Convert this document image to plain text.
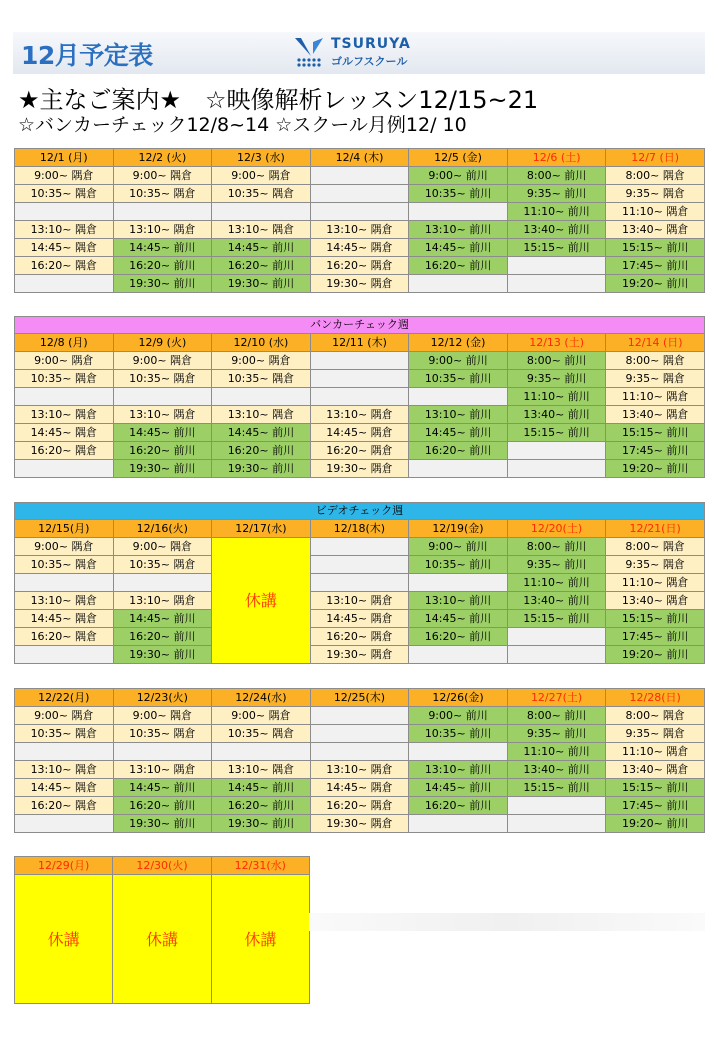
12月予定表	TSURUYA
ゴルフスクール
★主なご案内★　☆映像解析レッスン12/15~21
☆バンカーチェック12/8~14 ☆スクール月例12/ 10
12/1 (月)	12/2 (火)	12/3 (水)	12/4 (木)	12/5 (金)	12/6 (土)	12/7 (日)
9:00~ 隅倉	9:00~ 隅倉	9:00~ 隅倉		9:00~ 前川	8:00~ 前川	8:00~ 隅倉
10:35~ 隅倉	10:35~ 隅倉	10:35~ 隅倉		10:35~ 前川	9:35~ 前川	9:35~ 隅倉
					11:10~ 前川	11:10~ 隅倉
13:10~ 隅倉	13:10~ 隅倉	13:10~ 隅倉	13:10~ 隅倉	13:10~ 前川	13:40~ 前川	13:40~ 隅倉
14:45~ 隅倉	14:45~ 前川	14:45~ 前川	14:45~ 隅倉	14:45~ 前川	15:15~ 前川	15:15~ 前川
16:20~ 隅倉	16:20~ 前川	16:20~ 前川	16:20~ 隅倉	16:20~ 前川		17:45~ 前川
	19:30~ 前川	19:30~ 前川	19:30~ 隅倉			19:20~ 前川
バンカーチェック週						
12/8 (月)	12/9 (火)	12/10 (水)	12/11 (木)	12/12 (金)	12/13 (土)	12/14 (日)
9:00~ 隅倉	9:00~ 隅倉	9:00~ 隅倉		9:00~ 前川	8:00~ 前川	8:00~ 隅倉
10:35~ 隅倉	10:35~ 隅倉	10:35~ 隅倉		10:35~ 前川	9:35~ 前川	9:35~ 隅倉
					11:10~ 前川	11:10~ 隅倉
13:10~ 隅倉	13:10~ 隅倉	13:10~ 隅倉	13:10~ 隅倉	13:10~ 前川	13:40~ 前川	13:40~ 隅倉
14:45~ 隅倉	14:45~ 前川	14:45~ 前川	14:45~ 隅倉	14:45~ 前川	15:15~ 前川	15:15~ 前川
16:20~ 隅倉	16:20~ 前川	16:20~ 前川	16:20~ 隅倉	16:20~ 前川		17:45~ 前川
	19:30~ 前川	19:30~ 前川	19:30~ 隅倉			19:20~ 前川
ビデオチェック週						
12/15(月)	12/16(火)	12/17(水)	12/18(木)	12/19(金)	12/20(土)	12/21(日)
9:00~ 隅倉	9:00~ 隅倉	休講		9:00~ 前川	8:00~ 前川	8:00~ 隅倉
10:35~ 隅倉	10:35~ 隅倉			10:35~ 前川	9:35~ 前川	9:35~ 隅倉
					11:10~ 前川	11:10~ 隅倉
13:10~ 隅倉	13:10~ 隅倉		13:10~ 隅倉	13:10~ 前川	13:40~ 前川	13:40~ 隅倉
14:45~ 隅倉	14:45~ 前川		14:45~ 隅倉	14:45~ 前川	15:15~ 前川	15:15~ 前川
16:20~ 隅倉	16:20~ 前川		16:20~ 隅倉	16:20~ 前川		17:45~ 前川
	19:30~ 前川		19:30~ 隅倉			19:20~ 前川
12/22(月)	12/23(火)	12/24(水)	12/25(木)	12/26(金)	12/27(土)	12/28(日)
9:00~ 隅倉	9:00~ 隅倉	9:00~ 隅倉		9:00~ 前川	8:00~ 前川	8:00~ 隅倉
10:35~ 隅倉	10:35~ 隅倉	10:35~ 隅倉		10:35~ 前川	9:35~ 前川	9:35~ 隅倉
					11:10~ 前川	11:10~ 隅倉
13:10~ 隅倉	13:10~ 隅倉	13:10~ 隅倉	13:10~ 隅倉	13:10~ 前川	13:40~ 前川	13:40~ 隅倉
14:45~ 隅倉	14:45~ 前川	14:45~ 前川	14:45~ 隅倉	14:45~ 前川	15:15~ 前川	15:15~ 前川
16:20~ 隅倉	16:20~ 前川	16:20~ 前川	16:20~ 隅倉	16:20~ 前川		17:45~ 前川
	19:30~ 前川	19:30~ 前川	19:30~ 隅倉			19:20~ 前川
12/29(月)	12/30(火)	12/31(水)
休講	休講	休講
